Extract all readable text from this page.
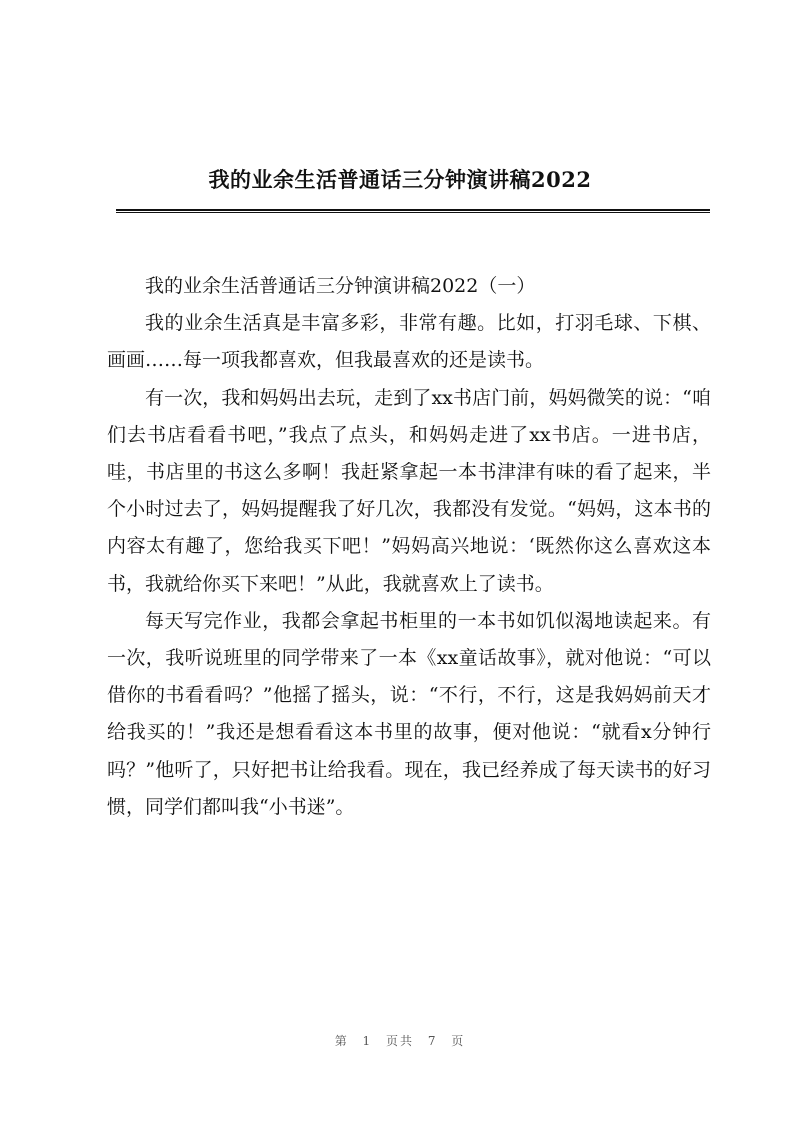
我的业余生活普通话三分钟演讲稿2022

我的业余生活普通话三分钟演讲稿2022（一）

我的业余生活真是丰富多彩，非常有趣。比如，打羽毛球、下棋、画画……每一项我都喜欢，但我最喜欢的还是读书。

有一次，我和妈妈出去玩，走到了xx书店门前，妈妈微笑的说：“咱们去书店看看书吧，”我点了点头，和妈妈走进了xx书店。一进书店，哇，书店里的书这么多啊！我赶紧拿起一本书津津有味的看了起来，半个小时过去了，妈妈提醒我了好几次，我都没有发觉。“妈妈，这本书的内容太有趣了，您给我买下吧！”妈妈高兴地说：‘既然你这么喜欢这本书，我就给你买下来吧！”从此，我就喜欢上了读书。

每天写完作业，我都会拿起书柜里的一本书如饥似渴地读起来。有一次，我听说班里的同学带来了一本《xx童话故事》，就对他说：“可以借你的书看看吗？”他摇了摇头，说：“不行，不行，这是我妈妈前天才给我买的！”我还是想看看这本书里的故事，便对他说：“就看x分钟行吗？”他听了，只好把书让给我看。现在，我已经养成了每天读书的好习惯，同学们都叫我“小书迷”。

第 1 页共 7 页
